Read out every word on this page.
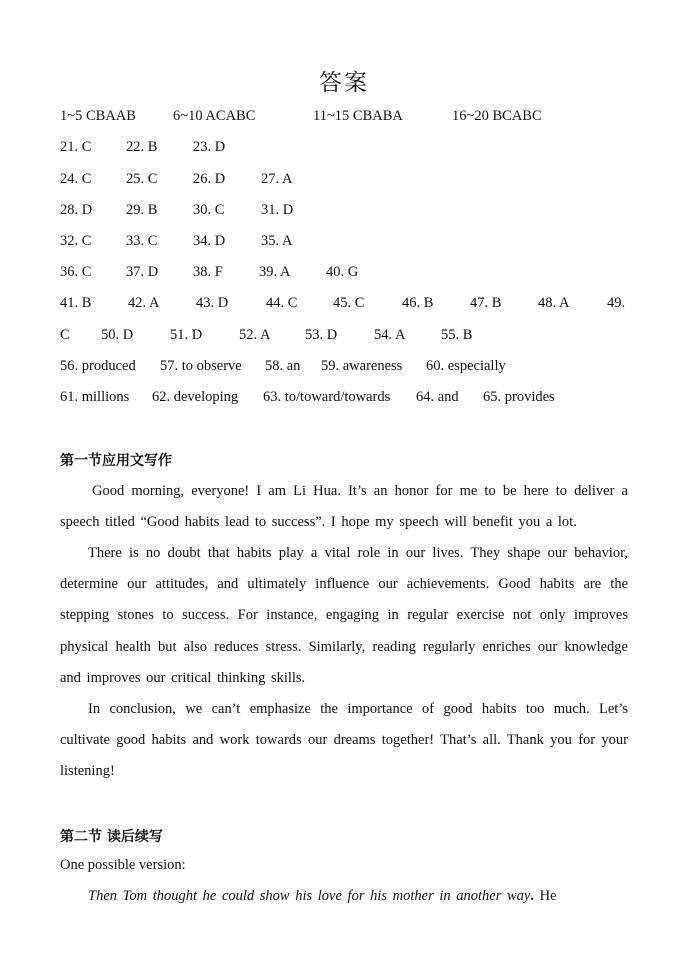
答案
1~5 CBAAB	6~10 ACABC	11~15 CBABA	16~20 BCABC
21. C 22. B 23. D
24. C 25. C 26. D 27. A
28. D 29. B 30. C	31. D
32. C 33. C 34. D 35. A
36. C 37. D 38. F 39. A 40. G
41. B	42. A	43. D	44. C 45. C	46. B	47. B	48. A	49.
C 50. D	51. D	52. A 53. D	54. A 55. B
56. produced 57. to observe 58. an 59. awareness 60. especially
61. millions 62. developing 63. to/toward/towards 64. and 65. provides
第一节应用文写作
Good morning, everyone! I am Li Hua. It’s an honor for me to be here to deliver a speech titled “Good habits lead to success”. I hope my speech will benefit you a lot.
There is no doubt that habits play a vital role in our lives. They shape our behavior, determine our attitudes, and ultimately influence our achievements. Good habits are the stepping stones to success. For instance, engaging in regular exercise not only improves physical health but also reduces stress. Similarly, reading regularly enriches our knowledge and improves our critical thinking skills.
In conclusion, we can’t emphasize the importance of good habits too much. Let’s cultivate good habits and work towards our dreams together! That’s all. Thank you for your listening!
第二节 读后续写
One possible version:
Then Tom thought he could show his love for his mother in another way. He
